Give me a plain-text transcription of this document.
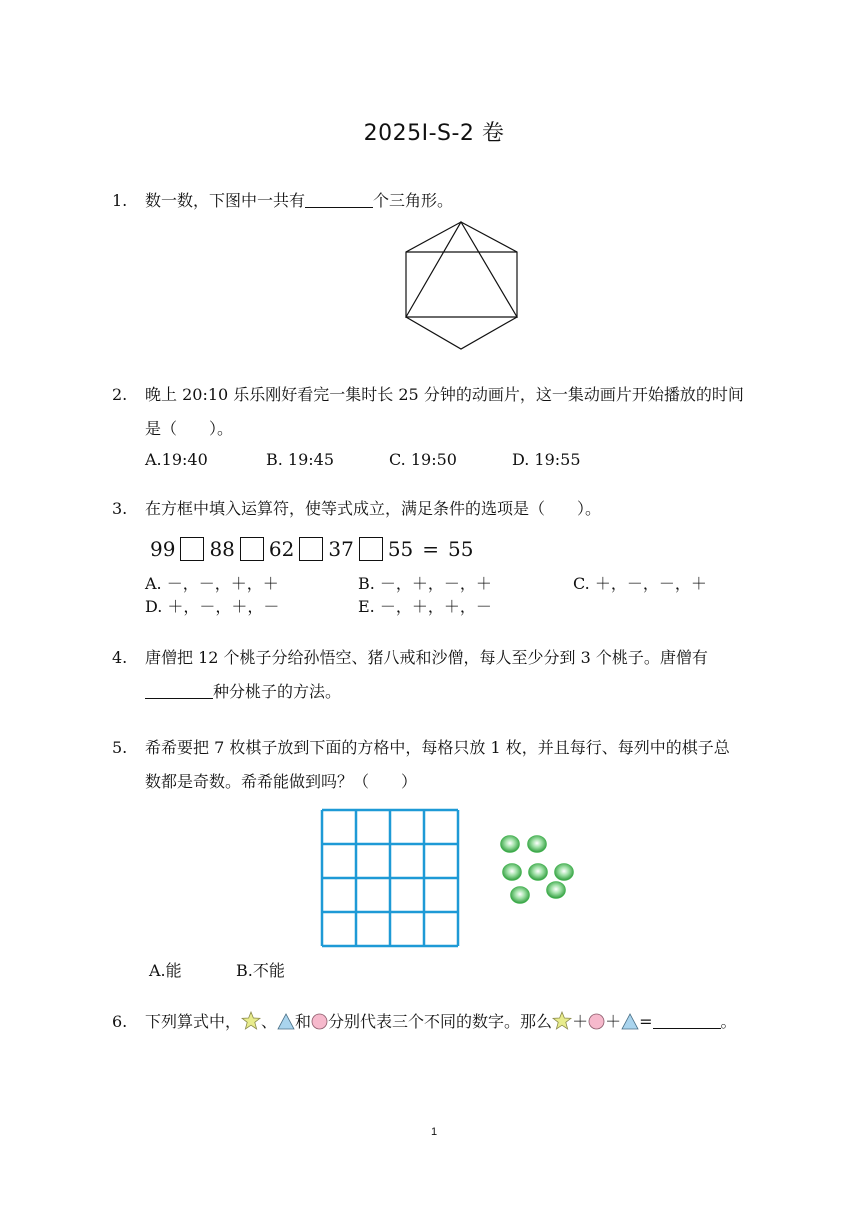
2025I-S-2 卷
1.	数一数，下图中一共有	个三角形。
2.	晚上 20:10 乐乐刚好看完一集时长 25 分钟的动画片，这一集动画片开始播放的时间
是（　　）。
A.19:40	B. 19:45	C. 19:50	D. 19:55
3.	在方框中填入运算符，使等式成立，满足条件的选项是（　　）。
99 88 62 37 55 = 55
A. －，－，＋，＋	B. －，＋，－，＋	C. ＋，－，－，＋
D. ＋，－，＋，－	E. －，＋，＋，－
4.	唐僧把 12 个桃子分给孙悟空、猪八戒和沙僧，每人至少分到 3 个桃子。唐僧有
种分桃子的方法。
5.	希希要把 7 枚棋子放到下面的方格中，每格只放 1 枚，并且每行、每列中的棋子总
数都是奇数。希希能做到吗？（　　）
A.能	B.不能
6.	下列算式中， 、 和 分别代表三个不同的数字。那么 ＋ ＋ =	。
1
